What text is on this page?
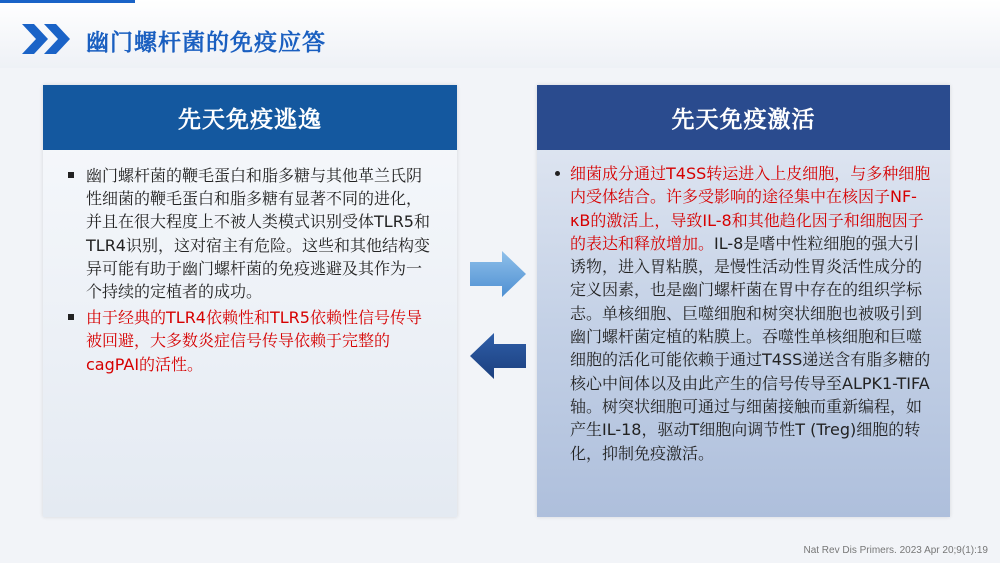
幽门螺杆菌的免疫应答
先天免疫逃逸
幽门螺杆菌的鞭毛蛋白和脂多糖与其他革兰氏阴性细菌的鞭毛蛋白和脂多糖有显著不同的进化，并且在很大程度上不被人类模式识别受体TLR5和TLR4识别，这对宿主有危险。这些和其他结构变异可能有助于幽门螺杆菌的免疫逃避及其作为一个持续的定植者的成功。
由于经典的TLR4依赖性和TLR5依赖性信号传导被回避，大多数炎症信号传导依赖于完整的cagPAI的活性。
先天免疫激活
细菌成分通过T4SS转运进入上皮细胞，与多种细胞内受体结合。许多受影响的途径集中在核因子NF-κB的激活上，导致IL-8和其他趋化因子和细胞因子的表达和释放增加。IL-8是嗜中性粒细胞的强大引诱物，进入胃粘膜，是慢性活动性胃炎活性成分的定义因素，也是幽门螺杆菌在胃中存在的组织学标志。单核细胞、巨噬细胞和树突状细胞也被吸引到幽门螺杆菌定植的粘膜上。吞噬性单核细胞和巨噬细胞的活化可能依赖于通过T4SS递送含有脂多糖的核心中间体以及由此产生的信号传导至ALPK1-TIFA轴。树突状细胞可通过与细菌接触而重新编程，如产生IL-18，驱动T细胞向调节性T (Treg)细胞的转化，抑制免疫激活。
Nat Rev Dis Primers. 2023 Apr 20;9(1):19
